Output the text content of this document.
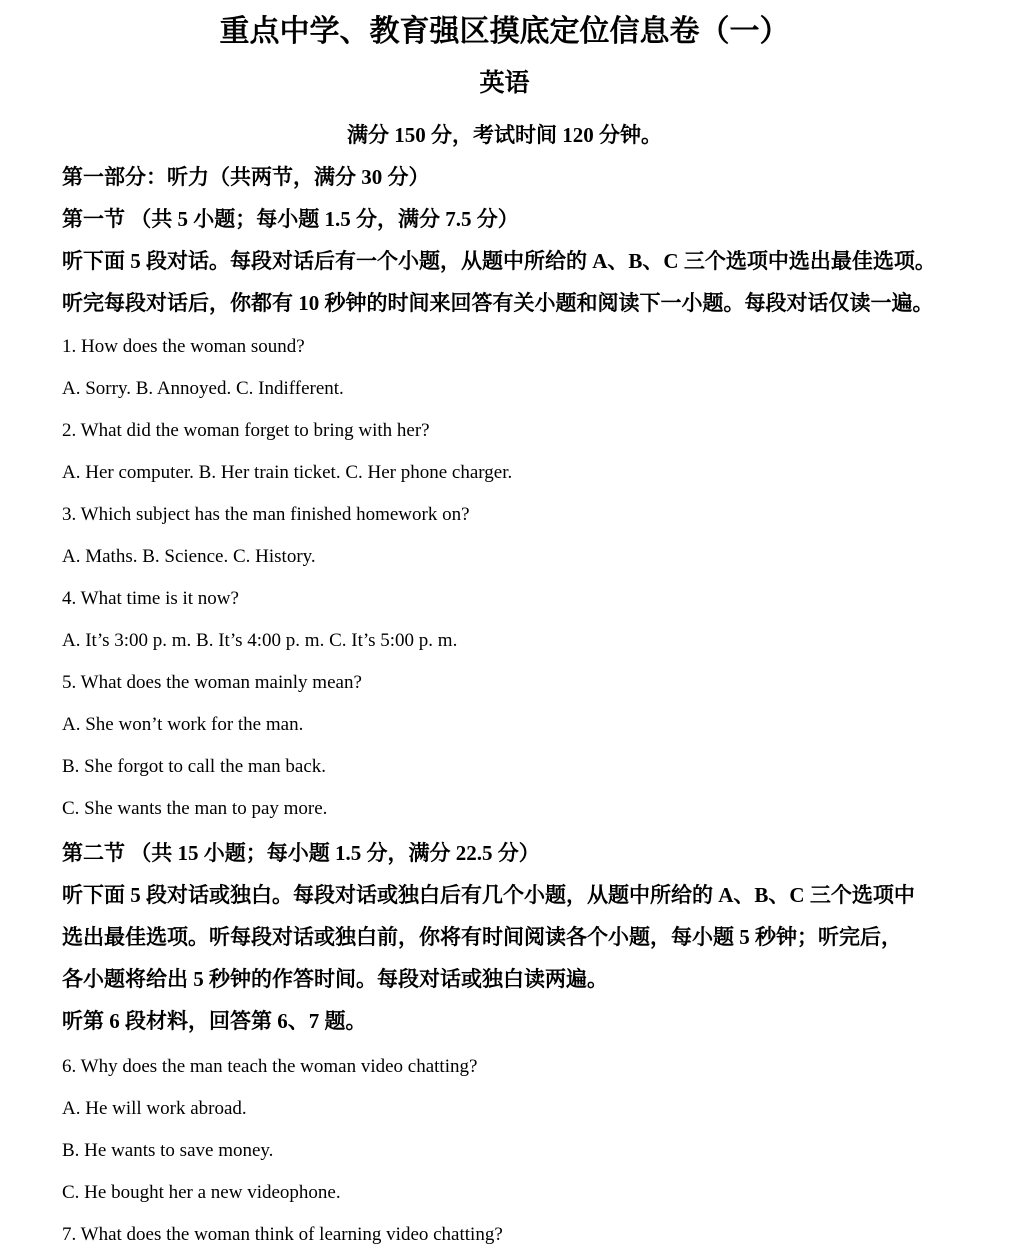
重点中学、教育强区摸底定位信息卷（一）

英语

满分 150 分，考试时间 120 分钟。

第一部分：听力（共两节，满分 30 分）

第一节 （共 5 小题；每小题 1.5 分，满分 7.5 分）

听下面 5 段对话。每段对话后有一个小题，从题中所给的 A、B、C 三个选项中选出最佳选项。

听完每段对话后，你都有 10 秒钟的时间来回答有关小题和阅读下一小题。每段对话仅读一遍。

1. How does the woman sound?

A. Sorry. B. Annoyed. C. Indifferent.

2. What did the woman forget to bring with her?

A. Her computer. B. Her train ticket. C. Her phone charger.

3. Which subject has the man finished homework on?

A. Maths. B. Science. C. History.

4. What time is it now?

A. It’s 3:00 p. m. B. It’s 4:00 p. m. C. It’s 5:00 p. m.

5. What does the woman mainly mean?

A. She won’t work for the man.

B. She forgot to call the man back.

C. She wants the man to pay more.

第二节 （共 15 小题；每小题 1.5 分，满分 22.5 分）

听下面 5 段对话或独白。每段对话或独白后有几个小题，从题中所给的 A、B、C 三个选项中

选出最佳选项。听每段对话或独白前，你将有时间阅读各个小题，每小题 5 秒钟；听完后，

各小题将给出 5 秒钟的作答时间。每段对话或独白读两遍。

听第 6 段材料，回答第 6、7 题。

6. Why does the man teach the woman video chatting?

A. He will work abroad.

B. He wants to save money.

C. He bought her a new videophone.

7. What does the woman think of learning video chatting?
